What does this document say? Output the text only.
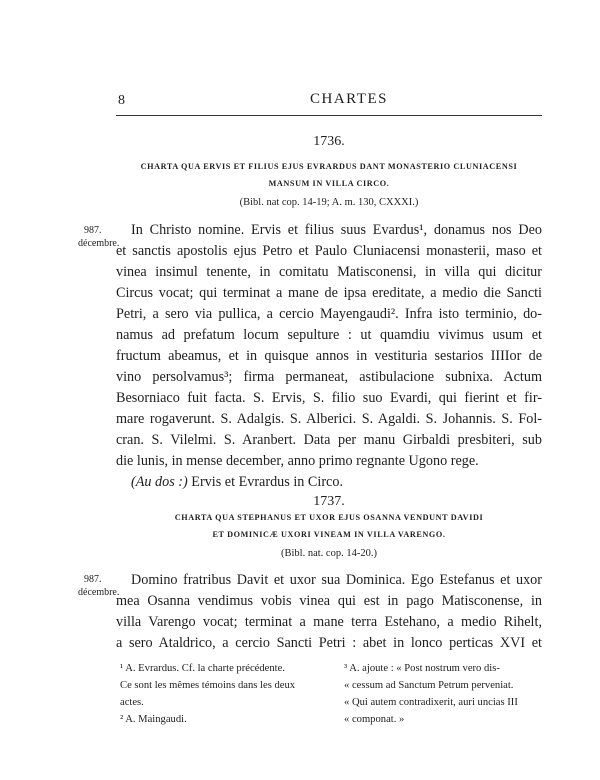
8	CHARTES
1736.
CHARTA QUA ERVIS ET FILIUS EJUS EVRARDUS DANT MONASTERIO CLUNIACENSI
MANSUM IN VILLA CIRCO.
(Bibl. nat cop. 14-19; A. m. 130, CXXXI.)
987.
décembre.
In Christo nomine. Ervis et filius suus Evardus¹, donamus nos Deo
et sanctis apostolis ejus Petro et Paulo Cluniacensi monasterii, maso et
vinea insimul tenente, in comitatu Matisconensi, in villa qui dicitur
Circus vocat; qui terminat a mane de ipsa ereditate, a medio die Sancti
Petri, a sero via pullica, a cercio Mayengaudi². Infra isto terminio, do-
namus ad prefatum locum sepulture : ut quamdiu vivimus usum et
fructum abeamus, et in quisque annos in vestituria sestarios IIIIor de
vino persolvamus³; firma permaneat, astibulacione subnixa. Actum
Besorniaco fuit facta. S. Ervis, S. filio suo Evardi, qui fierint et fir-
mare rogaverunt. S. Adalgis. S. Alberici. S. Agaldi. S. Johannis. S. Fol-
cran. S. Vilelmi. S. Aranbert. Data per manu Girbaldi presbiteri, sub
die lunis, in mense december, anno primo regnante Ugono rege.
(Au dos :) Ervis et Evrardus in Circo.
1737.
CHARTA QUA STEPHANUS ET UXOR EJUS OSANNA VENDUNT DAVIDI
ET DOMINICÆ UXORI VINEAM IN VILLA VARENGO.
(Bibl. nat. cop. 14-20.)
987.
décembre.
Domino fratribus Davit et uxor sua Dominica. Ego Estefanus et uxor
mea Osanna vendimus vobis vinea qui est in pago Matisconense, in
villa Varengo vocat; terminat a mane terra Estehano, a medio Rihelt,
a sero Ataldrico, a cercio Sancti Petri : abet in lonco perticas XVI et
¹ A. Evrardus. Cf. la charte précédente.
Ce sont les mêmes témoins dans les deux
actes.
² A. Maingaudi.
³ A. ajoute : « Post nostrum vero dis-
« cessum ad Sanctum Petrum perveniat.
« Qui autem contradixerit, auri uncias III
« componat. »
